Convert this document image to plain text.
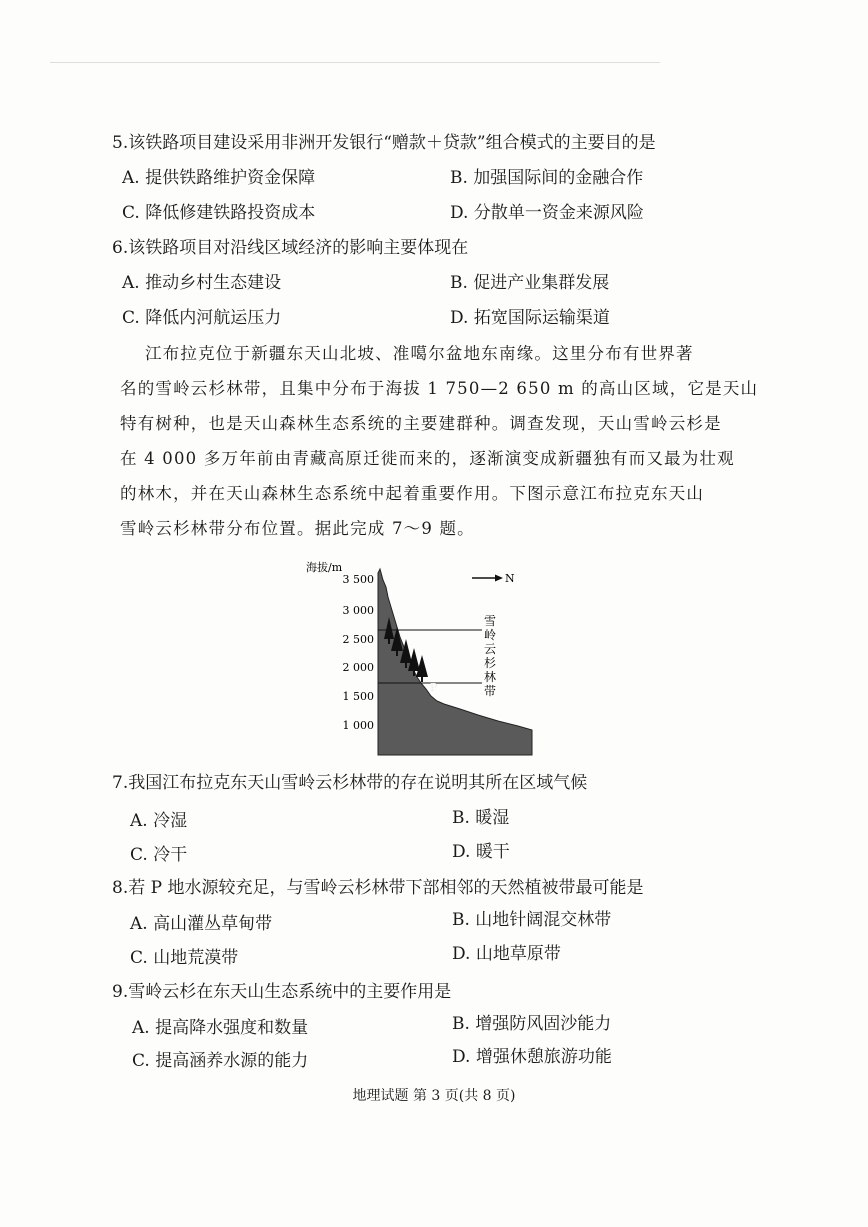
5.该铁路项目建设采用非洲开发银行“赠款＋贷款”组合模式的主要目的是
A. 提供铁路维护资金保障	B. 加强国际间的金融合作
C. 降低修建铁路投资成本	D. 分散单一资金来源风险
6.该铁路项目对沿线区域经济的影响主要体现在
A. 推动乡村生态建设	B. 促进产业集群发展
C. 降低内河航运压力	D. 拓宽国际运输渠道
江布拉克位于新疆东天山北坡、准噶尔盆地东南缘。这里分布有世界著
名的雪岭云杉林带，且集中分布于海拔 1 750—2 650 m 的高山区域，它是天山
特有树种，也是天山森林生态系统的主要建群种。调查发现，天山雪岭云杉是
在 4 000 多万年前由青藏高原迁徙而来的，逐渐演变成新疆独有而又最为壮观
的林木，并在天山森林生态系统中起着重要作用。下图示意江布拉克东天山
雪岭云杉林带分布位置。据此完成 7～9 题。
海拔/m
3 500
3 000
2 500
2 000
1 500
1 000
N
P
雪
岭
云
杉
林
带
7.我国江布拉克东天山雪岭云杉林带的存在说明其所在区域气候
A. 冷湿	B. 暖湿
C. 冷干	D. 暖干
8.若 P 地水源较充足，与雪岭云杉林带下部相邻的天然植被带最可能是
A. 高山灌丛草甸带	B. 山地针阔混交林带
C. 山地荒漠带	D. 山地草原带
9.雪岭云杉在东天山生态系统中的主要作用是
A. 提高降水强度和数量	B. 增强防风固沙能力
C. 提高涵养水源的能力	D. 增强休憩旅游功能
地理试题 第 3 页(共 8 页)
